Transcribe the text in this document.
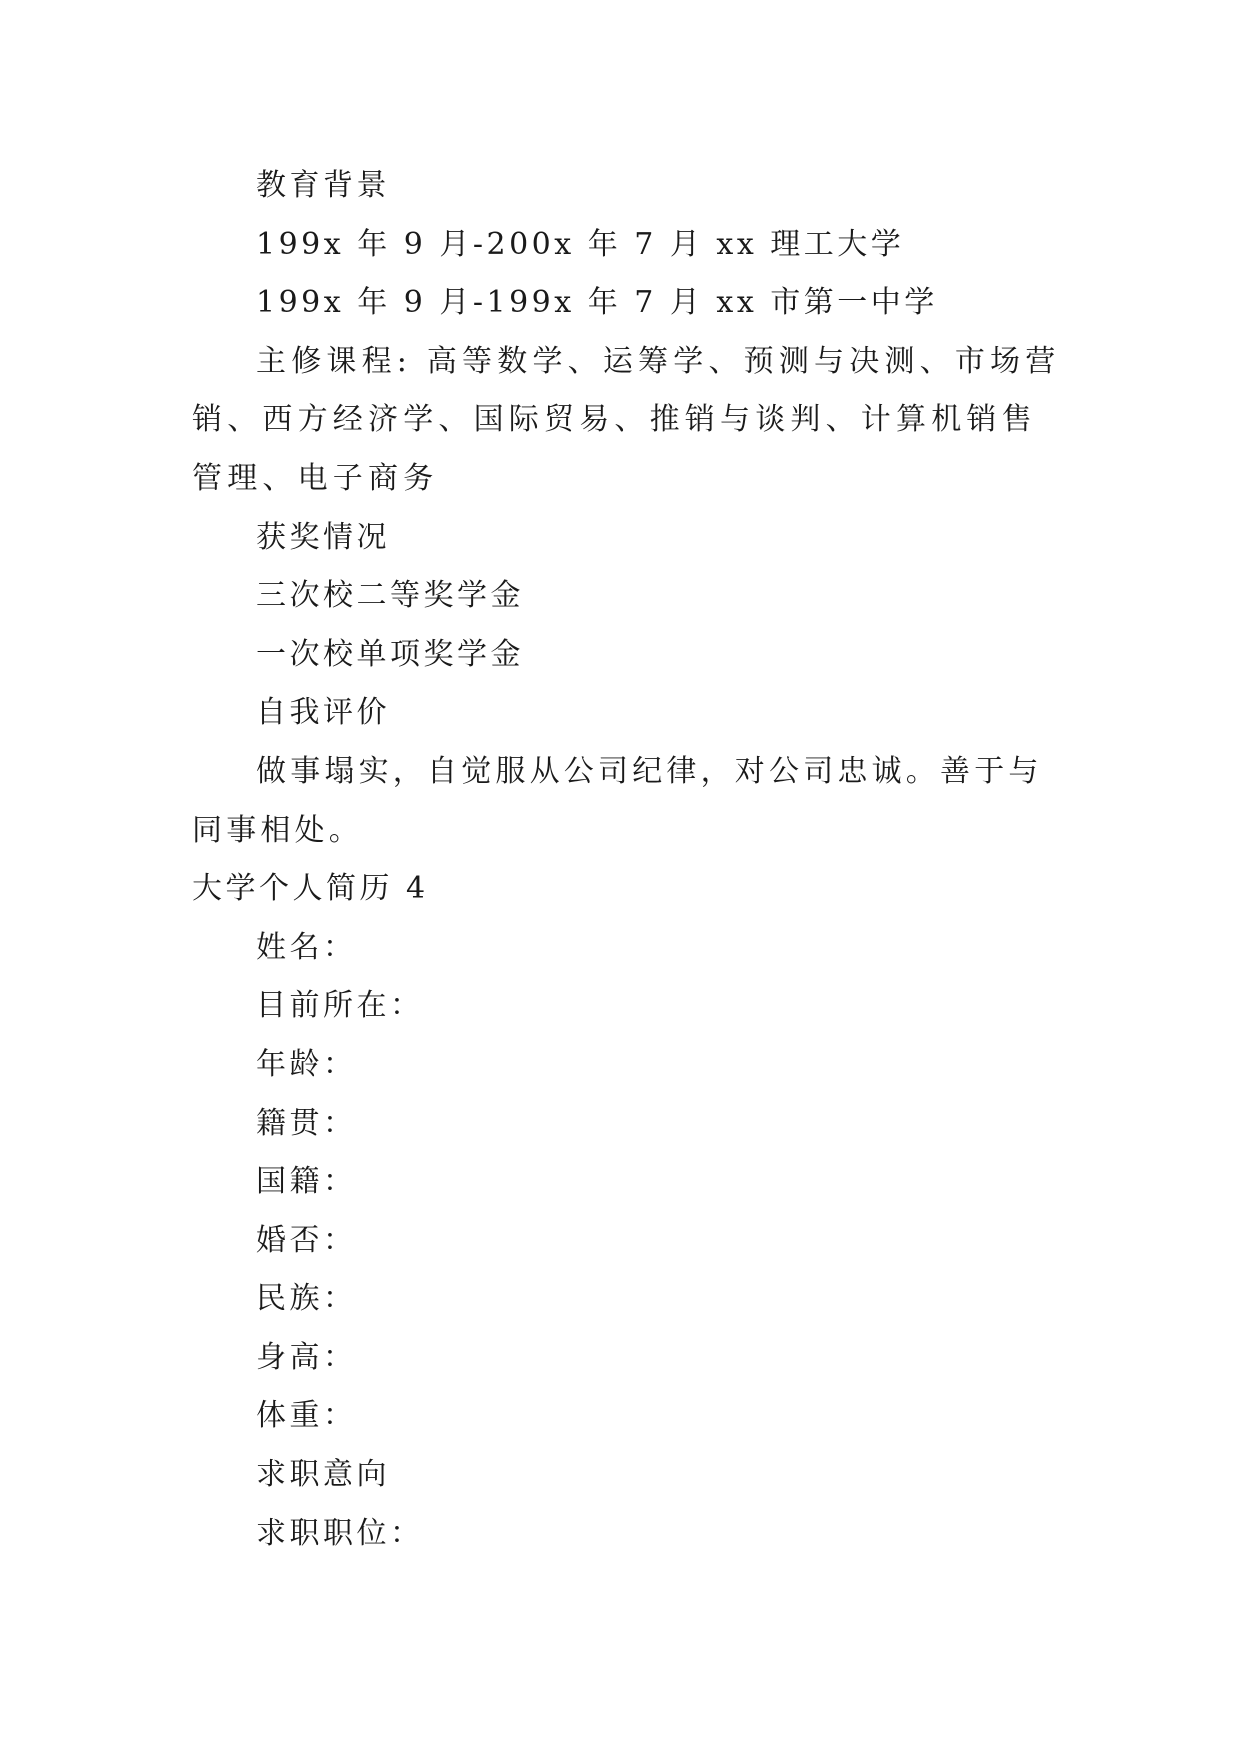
教育背景
199x 年 9 月-200x 年 7 月 xx 理工大学
199x 年 9 月-199x 年 7 月 xx 市第一中学
主修课程: 高等数学、运筹学、预测与决测、市场营销、西方经济学、国际贸易、推销与谈判、计算机销售管理、电子商务
获奖情况
三次校二等奖学金
一次校单项奖学金
自我评价
做事塌实，自觉服从公司纪律，对公司忠诚。善于与同事相处。
大学个人简历 4
姓名：
目前所在：
年龄：
籍贯：
国籍：
婚否：
民族：
身高：
体重：
求职意向
求职职位：
